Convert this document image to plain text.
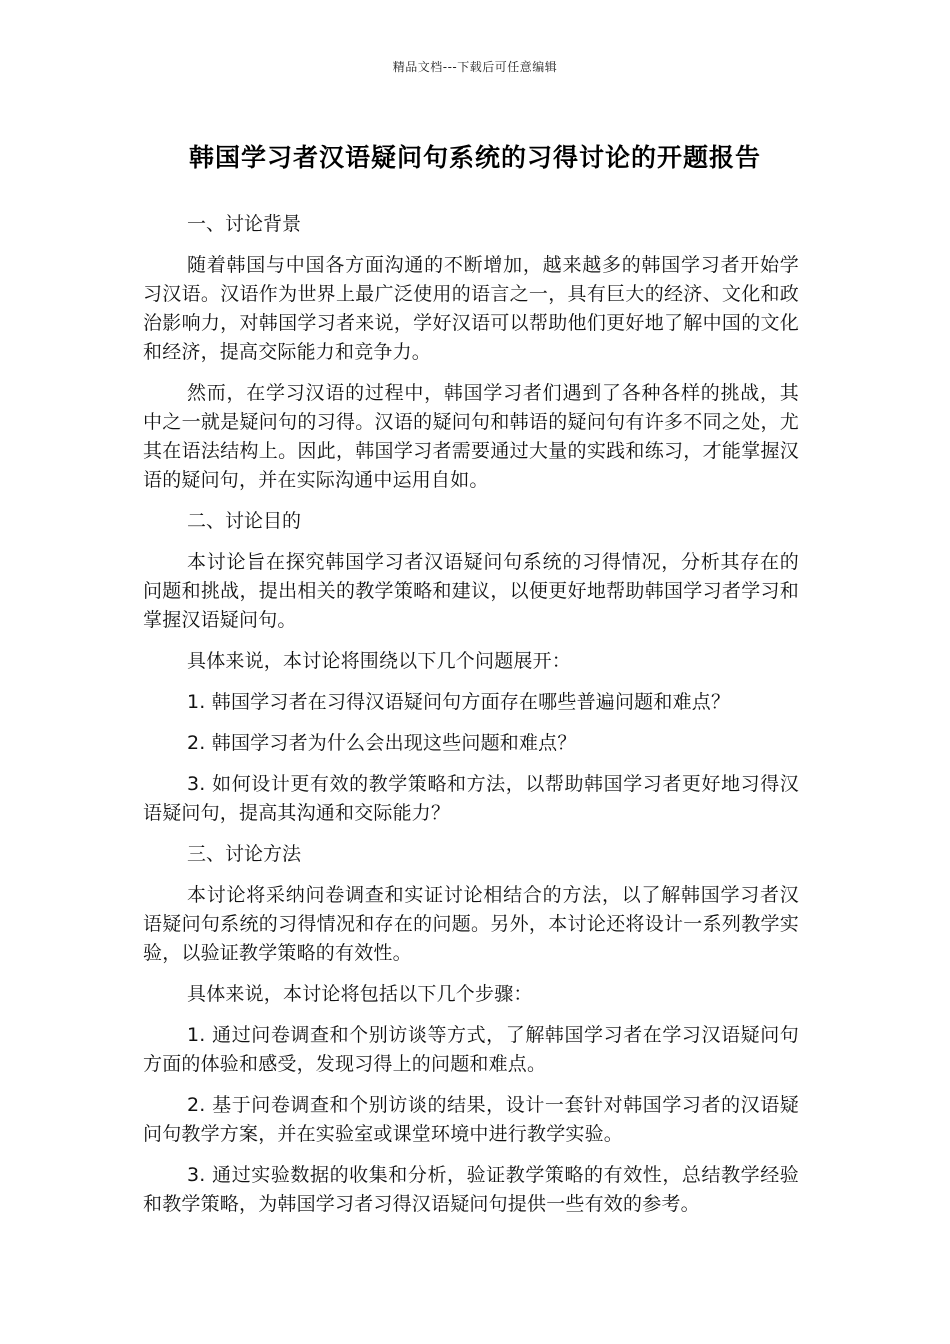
精品文档---下载后可任意编辑
韩国学习者汉语疑问句系统的习得讨论的开题报告

一、讨论背景

随着韩国与中国各方面沟通的不断增加，越来越多的韩国学习者开始学习汉语。汉语作为世界上最广泛使用的语言之一，具有巨大的经济、文化和政治影响力，对韩国学习者来说，学好汉语可以帮助他们更好地了解中国的文化和经济，提高交际能力和竞争力。

然而，在学习汉语的过程中，韩国学习者们遇到了各种各样的挑战，其中之一就是疑问句的习得。汉语的疑问句和韩语的疑问句有许多不同之处，尤其在语法结构上。因此，韩国学习者需要通过大量的实践和练习，才能掌握汉语的疑问句，并在实际沟通中运用自如。

二、讨论目的

本讨论旨在探究韩国学习者汉语疑问句系统的习得情况，分析其存在的问题和挑战，提出相关的教学策略和建议，以便更好地帮助韩国学习者学习和掌握汉语疑问句。

具体来说，本讨论将围绕以下几个问题展开：

1. 韩国学习者在习得汉语疑问句方面存在哪些普遍问题和难点？

2. 韩国学习者为什么会出现这些问题和难点？

3. 如何设计更有效的教学策略和方法，以帮助韩国学习者更好地习得汉语疑问句，提高其沟通和交际能力？

三、讨论方法

本讨论将采纳问卷调查和实证讨论相结合的方法，以了解韩国学习者汉语疑问句系统的习得情况和存在的问题。另外，本讨论还将设计一系列教学实验，以验证教学策略的有效性。

具体来说，本讨论将包括以下几个步骤：

1. 通过问卷调查和个别访谈等方式，了解韩国学习者在学习汉语疑问句方面的体验和感受，发现习得上的问题和难点。

2. 基于问卷调查和个别访谈的结果，设计一套针对韩国学习者的汉语疑问句教学方案，并在实验室或课堂环境中进行教学实验。

3. 通过实验数据的收集和分析，验证教学策略的有效性，总结教学经验和教学策略，为韩国学习者习得汉语疑问句提供一些有效的参考。
